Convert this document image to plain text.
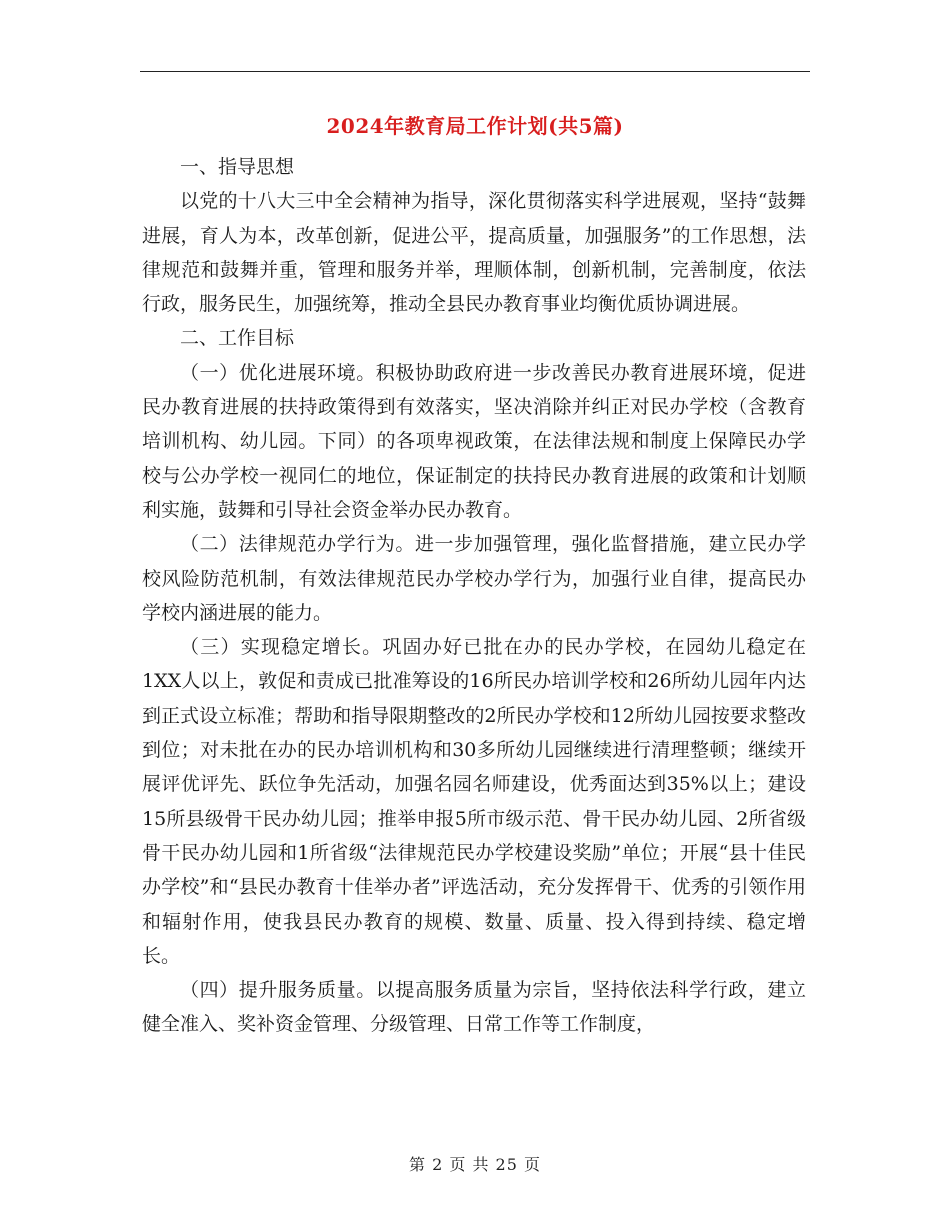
2024年教育局工作计划(共5篇)

一、指导思想

以党的十八大三中全会精神为指导，深化贯彻落实科学进展观，坚持“鼓舞进展，育人为本，改革创新，促进公平，提高质量，加强服务”的工作思想，法律规范和鼓舞并重，管理和服务并举，理顺体制，创新机制，完善制度，依法行政，服务民生，加强统筹，推动全县民办教育事业均衡优质协调进展。

二、工作目标

（一）优化进展环境。积极协助政府进一步改善民办教育进展环境，促进民办教育进展的扶持政策得到有效落实，坚决消除并纠正对民办学校（含教育培训机构、幼儿园。下同）的各项卑视政策，在法律法规和制度上保障民办学校与公办学校一视同仁的地位，保证制定的扶持民办教育进展的政策和计划顺利实施，鼓舞和引导社会资金举办民办教育。

（二）法律规范办学行为。进一步加强管理，强化监督措施，建立民办学校风险防范机制，有效法律规范民办学校办学行为，加强行业自律，提高民办学校内涵进展的能力。

（三）实现稳定增长。巩固办好已批在办的民办学校，在园幼儿稳定在1XX人以上，敦促和责成已批准筹设的16所民办培训学校和26所幼儿园年内达到正式设立标准；帮助和指导限期整改的2所民办学校和12所幼儿园按要求整改到位；对未批在办的民办培训机构和30多所幼儿园继续进行清理整顿；继续开展评优评先、跃位争先活动，加强名园名师建设，优秀面达到35%以上；建设15所县级骨干民办幼儿园；推举申报5所市级示范、骨干民办幼儿园、2所省级骨干民办幼儿园和1所省级“法律规范民办学校建设奖励”单位；开展“县十佳民办学校”和“县民办教育十佳举办者”评选活动，充分发挥骨干、优秀的引领作用和辐射作用，使我县民办教育的规模、数量、质量、投入得到持续、稳定增长。

（四）提升服务质量。以提高服务质量为宗旨，坚持依法科学行政，建立健全准入、奖补资金管理、分级管理、日常工作等工作制度，

第 2 页 共 25 页
